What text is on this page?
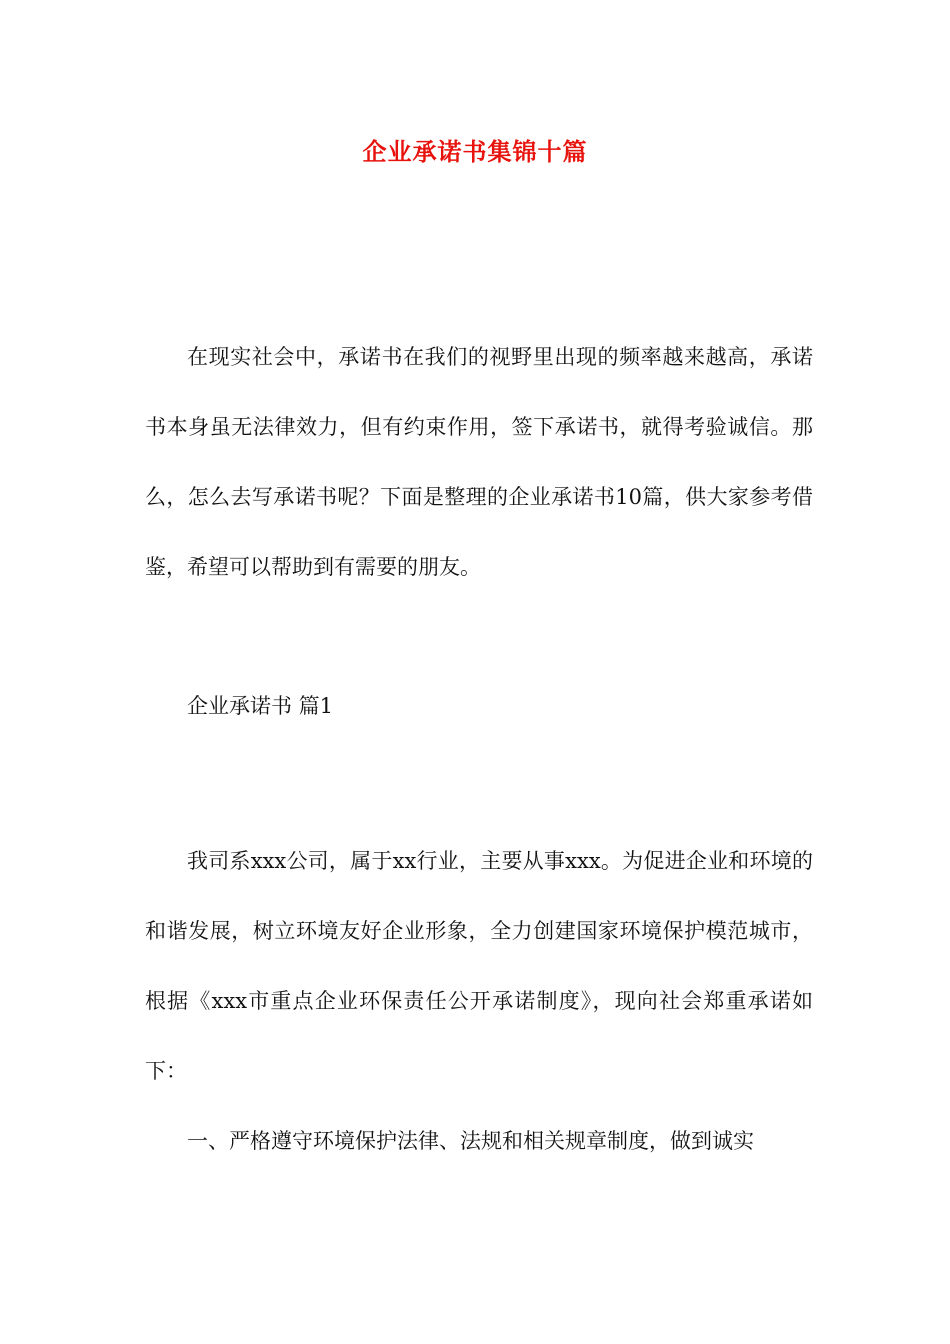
企业承诺书集锦十篇

在现实社会中，承诺书在我们的视野里出现的频率越来越高，承诺书本身虽无法律效力，但有约束作用，签下承诺书，就得考验诚信。那么，怎么去写承诺书呢？下面是整理的企业承诺书10篇，供大家参考借鉴，希望可以帮助到有需要的朋友。

企业承诺书 篇1

我司系xxx公司，属于xx行业，主要从事xxx。为促进企业和环境的和谐发展，树立环境友好企业形象，全力创建国家环境保护模范城市，根据《xxx市重点企业环保责任公开承诺制度》，现向社会郑重承诺如下：

一、严格遵守环境保护法律、法规和相关规章制度，做到诚实
